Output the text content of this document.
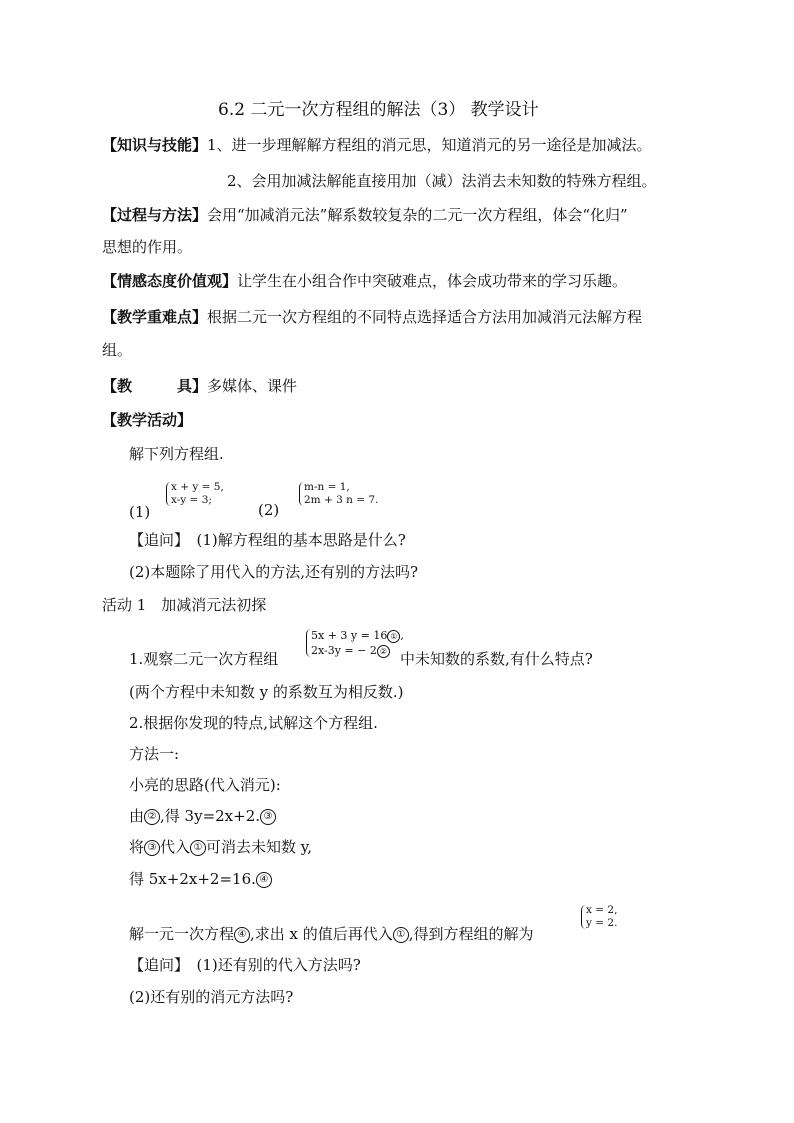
6.2 二元一次方程组的解法（3） 教学设计
【知识与技能】1、进一步理解解方程组的消元思，知道消元的另一途径是加减法。
2、会用加减法解能直接用加（减）法消去未知数的特殊方程组。
【过程与方法】会用“加减消元法”解系数较复杂的二元一次方程组，体会“化归”
思想的作用。
【情感态度价值观】让学生在小组合作中突破难点，体会成功带来的学习乐趣。
【教学重难点】根据二元一次方程组的不同特点选择适合方法用加减消元法解方程
组。
【教　　　具】多媒体、课件
【教学活动】
解下列方程组.
(1)
x + y = 5,
x-y = 3;
(2)
m-n = 1,
2m + 3 n = 7.
【追问】　 (1)解方程组的基本思路是什么?
(2)本题除了用代入的方法,还有别的方法吗?
活动 1　加减消元法初探
1.观察二元一次方程组
5x + 3 y = 16 ① ,
2x-3y = − 2 ② 中未知数的系数,有什么特点?
(两个方程中未知数 y 的系数互为相反数.)
2.根据你发现的特点,试解这个方程组.
方法一:
小亮的思路(代入消元):
由 ② ,得 3y=2x+2. ③
将 ③ 代入 ① 可消去未知数 y,
得 5x+2x+2=16. ④
解一元一次方程 ④ ,求出 x 的值后再代入 ① ,得到方程组的解为
x = 2,
y = 2.
【追问】　 (1)还有别的代入方法吗?
(2)还有别的消元方法吗?
